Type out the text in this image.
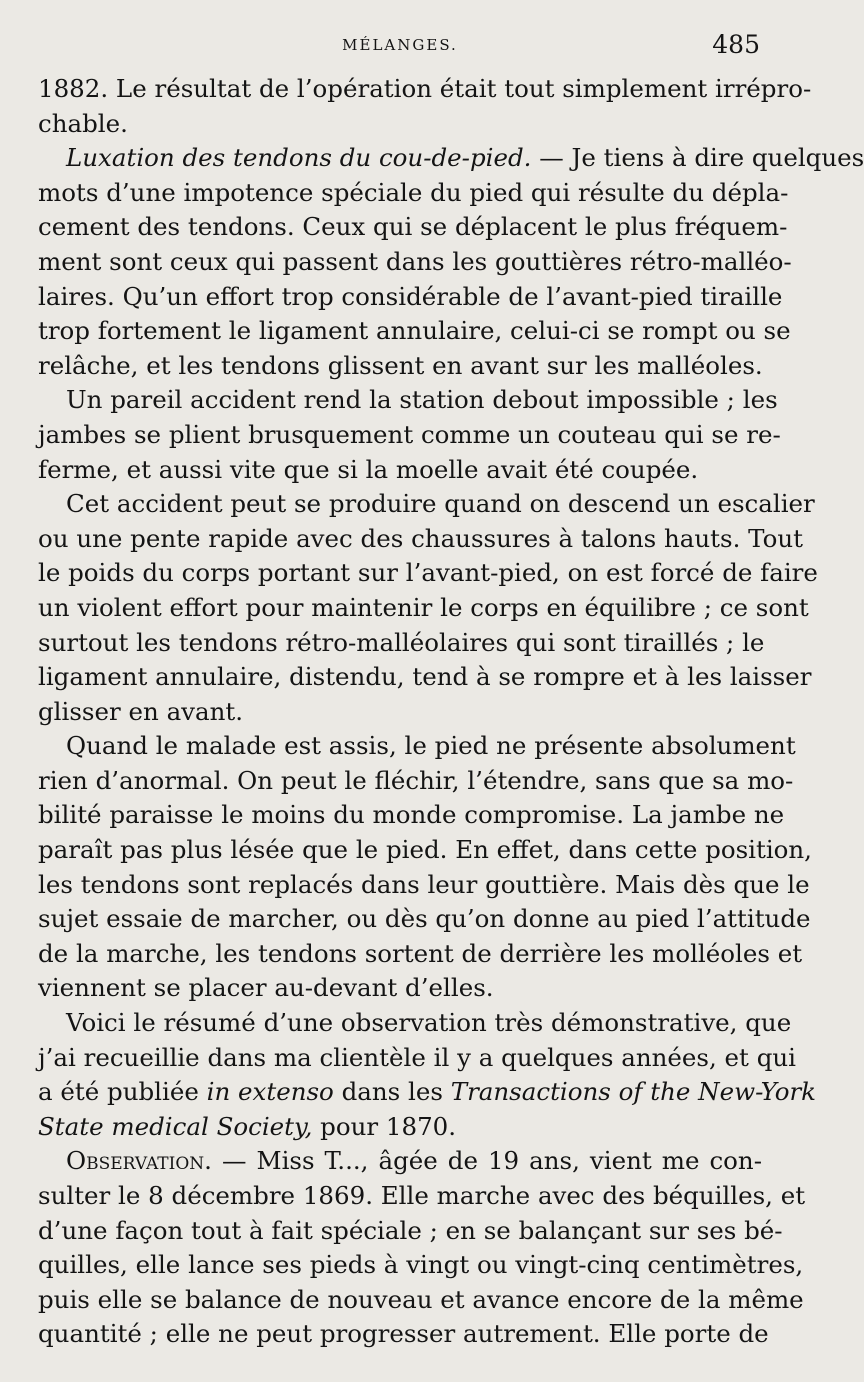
MÉLANGES.	485
1882. Le résultat de l’opération était tout simplement irrépro-
chable.
Luxation des tendons du cou-de-pied. — Je tiens à dire quelques
mots d’une impotence spéciale du pied qui résulte du dépla-
cement des tendons. Ceux qui se déplacent le plus fréquem-
ment sont ceux qui passent dans les gouttières rétro-malléo-
laires. Qu’un effort trop considérable de l’avant-pied tiraille
trop fortement le ligament annulaire, celui-ci se rompt ou se
relâche, et les tendons glissent en avant sur les malléoles.
Un pareil accident rend la station debout impossible ; les
jambes se plient brusquement comme un couteau qui se re-
ferme, et aussi vite que si la moelle avait été coupée.
Cet accident peut se produire quand on descend un escalier
ou une pente rapide avec des chaussures à talons hauts. Tout
le poids du corps portant sur l’avant-pied, on est forcé de faire
un violent effort pour maintenir le corps en équilibre ; ce sont
surtout les tendons rétro-malléolaires qui sont tiraillés ; le
ligament annulaire, distendu, tend à se rompre et à les laisser
glisser en avant.
Quand le malade est assis, le pied ne présente absolument
rien d’anormal. On peut le fléchir, l’étendre, sans que sa mo-
bilité paraisse le moins du monde compromise. La jambe ne
paraît pas plus lésée que le pied. En effet, dans cette position,
les tendons sont replacés dans leur gouttière. Mais dès que le
sujet essaie de marcher, ou dès qu’on donne au pied l’attitude
de la marche, les tendons sortent de derrière les molléoles et
viennent se placer au-devant d’elles.
Voici le résumé d’une observation très démonstrative, que
j’ai recueillie dans ma clientèle il y a quelques années, et qui
a été publiée in extenso dans les Transactions of the New-York
State medical Society, pour 1870.
Observation. — Miss T..., âgée de 19 ans, vient me con-
sulter le 8 décembre 1869. Elle marche avec des béquilles, et
d’une façon tout à fait spéciale ; en se balançant sur ses bé-
quilles, elle lance ses pieds à vingt ou vingt-cinq centimètres,
puis elle se balance de nouveau et avance encore de la même
quantité ; elle ne peut progresser autrement. Elle porte de
